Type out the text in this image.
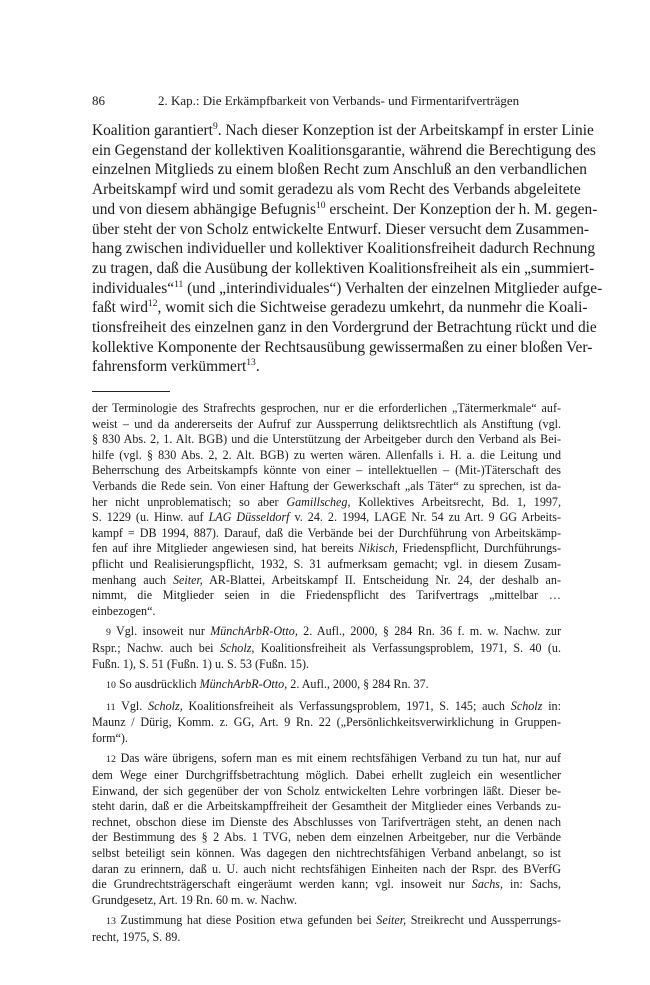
86	2. Kap.: Die Erkämpfbarkeit von Verbands- und Firmentarifverträgen
Koalition garantiert$^9$. Nach dieser Konzeption ist der Arbeitskampf in erster Linie
ein Gegenstand der kollektiven Koalitionsgarantie, während die Berechtigung des
einzelnen Mitglieds zu einem bloßen Recht zum Anschluß an den verbandlichen
Arbeitskampf wird und somit geradezu als vom Recht des Verbands abgeleitete
und von diesem abhängige Befugnis$^{10}$ erscheint. Der Konzeption der h. M. gegen-
über steht der von Scholz entwickelte Entwurf. Dieser versucht dem Zusammen-
hang zwischen individueller und kollektiver Koalitionsfreiheit dadurch Rechnung
zu tragen, daß die Ausübung der kollektiven Koalitionsfreiheit als ein „summiert-
individuales“$^{11}$ (und „interindividuales“) Verhalten der einzelnen Mitglieder aufge-
faßt wird$^{12}$, womit sich die Sichtweise geradezu umkehrt, da nunmehr die Koali-
tionsfreiheit des einzelnen ganz in den Vordergrund der Betrachtung rückt und die
kollektive Komponente der Rechtsausübung gewissermaßen zu einer bloßen Ver-
fahrensform verkümmert$^{13}$.
der Terminologie des Strafrechts gesprochen, nur er die erforderlichen „Tätermerkmale“ auf-
weist – und da andererseits der Aufruf zur Aussperrung deliktsrechtlich als Anstiftung (vgl.
§ 830 Abs. 2, 1. Alt. BGB) und die Unterstützung der Arbeitgeber durch den Verband als Bei-
hilfe (vgl. § 830 Abs. 2, 2. Alt. BGB) zu werten wären. Allenfalls i. H. a. die Leitung und
Beherrschung des Arbeitskampfs könnte von einer – intellektuellen – (Mit-)Täterschaft des
Verbands die Rede sein. Von einer Haftung der Gewerkschaft „als Täter“ zu sprechen, ist da-
her nicht unproblematisch; so aber Gamillscheg, Kollektives Arbeitsrecht, Bd. 1, 1997,
S. 1229 (u. Hinw. auf LAG Düsseldorf v. 24. 2. 1994, LAGE Nr. 54 zu Art. 9 GG Arbeits-
kampf = DB 1994, 887). Darauf, daß die Verbände bei der Durchführung von Arbeitskämp-
fen auf ihre Mitglieder angewiesen sind, hat bereits Nikisch, Friedenspflicht, Durchführungs-
pflicht und Realisierungspflicht, 1932, S. 31 aufmerksam gemacht; vgl. in diesem Zusam-
menhang auch Seiter, AR-Blattei, Arbeitskampf II. Entscheidung Nr. 24, der deshalb an-
nimmt, die Mitglieder seien in die Friedenspflicht des Tarifvertrags „mittelbar …
einbezogen“.
9 Vgl. insoweit nur MünchArbR-Otto, 2. Aufl., 2000, § 284 Rn. 36 f. m. w. Nachw. zur
Rspr.; Nachw. auch bei Scholz, Koalitionsfreiheit als Verfassungsproblem, 1971, S. 40 (u.
Fußn. 1), S. 51 (Fußn. 1) u. S. 53 (Fußn. 15).
10 So ausdrücklich MünchArbR-Otto, 2. Aufl., 2000, § 284 Rn. 37.
11 Vgl. Scholz, Koalitionsfreiheit als Verfassungsproblem, 1971, S. 145; auch Scholz in:
Maunz / Dürig, Komm. z. GG, Art. 9 Rn. 22 („Persönlichkeitsverwirklichung in Gruppen-
form“).
12 Das wäre übrigens, sofern man es mit einem rechtsfähigen Verband zu tun hat, nur auf
dem Wege einer Durchgriffsbetrachtung möglich. Dabei erhellt zugleich ein wesentlicher
Einwand, der sich gegenüber der von Scholz entwickelten Lehre vorbringen läßt. Dieser be-
steht darin, daß er die Arbeitskampffreiheit der Gesamtheit der Mitglieder eines Verbands zu-
rechnet, obschon diese im Dienste des Abschlusses von Tarifverträgen steht, an denen nach
der Bestimmung des § 2 Abs. 1 TVG, neben dem einzelnen Arbeitgeber, nur die Verbände
selbst beteiligt sein können. Was dagegen den nichtrechtsfähigen Verband anbelangt, so ist
daran zu erinnern, daß u. U. auch nicht rechtsfähigen Einheiten nach der Rspr. des BVerfG
die Grundrechtsträgerschaft eingeräumt werden kann; vgl. insoweit nur Sachs, in: Sachs,
Grundgesetz, Art. 19 Rn. 60 m. w. Nachw.
13 Zustimmung hat diese Position etwa gefunden bei Seiter, Streikrecht und Aussperrungs-
recht, 1975, S. 89.
